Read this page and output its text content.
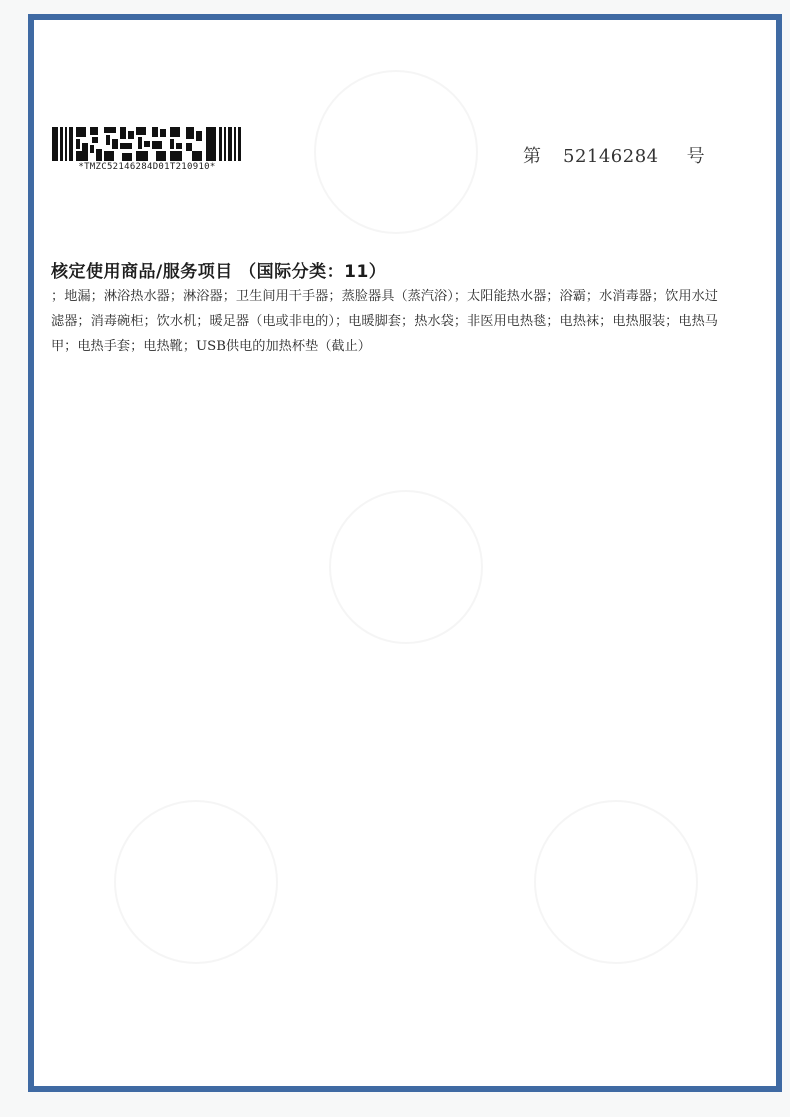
*TMZC52146284D01T210910*	第 52146284 号
核定使用商品/服务项目 （国际分类：11）
；地漏；淋浴热水器；淋浴器；卫生间用干手器；蒸脸器具（蒸汽浴）；太阳能热水器；浴霸；水消毒器；饮用水过滤器；消毒碗柜；饮水机；暖足器（电或非电的）；电暖脚套；热水袋；非医用电热毯；电热袜；电热服装；电热马甲；电热手套；电热靴；USB供电的加热杯垫（截止）
